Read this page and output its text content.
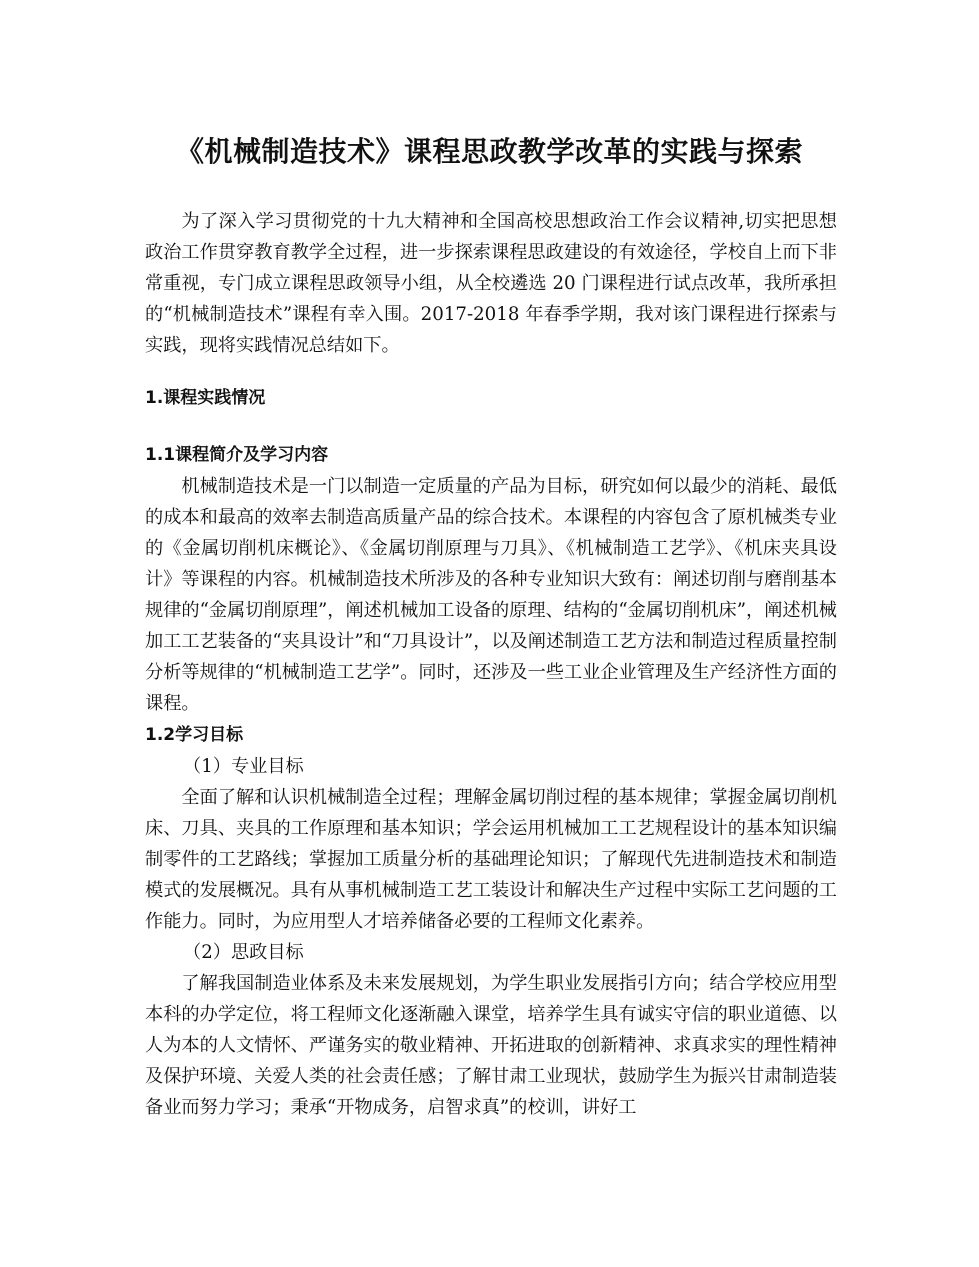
《机械制造技术》课程思政教学改革的实践与探索

为了深入学习贯彻党的十九大精神和全国高校思想政治工作会议精神,切实把思想政治工作贯穿教育教学全过程，进一步探索课程思政建设的有效途径，学校自上而下非常重视，专门成立课程思政领导小组，从全校遴选 20 门课程进行试点改革，我所承担的“机械制造技术”课程有幸入围。2017-2018 年春季学期，我对该门课程进行探索与实践，现将实践情况总结如下。

1.课程实践情况

1.1课程简介及学习内容

机械制造技术是一门以制造一定质量的产品为目标，研究如何以最少的消耗、最低的成本和最高的效率去制造高质量产品的综合技术。本课程的内容包含了原机械类专业的《金属切削机床概论》、《金属切削原理与刀具》、《机械制造工艺学》、《机床夹具设计》等课程的内容。机械制造技术所涉及的各种专业知识大致有：阐述切削与磨削基本规律的“金属切削原理”，阐述机械加工设备的原理、结构的“金属切削机床”，阐述机械加工工艺装备的“夹具设计”和“刀具设计”，以及阐述制造工艺方法和制造过程质量控制分析等规律的“机械制造工艺学”。同时，还涉及一些工业企业管理及生产经济性方面的课程。

1.2学习目标

（1）专业目标

全面了解和认识机械制造全过程；理解金属切削过程的基本规律；掌握金属切削机床、刀具、夹具的工作原理和基本知识；学会运用机械加工工艺规程设计的基本知识编制零件的工艺路线；掌握加工质量分析的基础理论知识；了解现代先进制造技术和制造模式的发展概况。具有从事机械制造工艺工装设计和解决生产过程中实际工艺问题的工作能力。同时，为应用型人才培养储备必要的工程师文化素养。

（2）思政目标

了解我国制造业体系及未来发展规划，为学生职业发展指引方向；结合学校应用型本科的办学定位，将工程师文化逐渐融入课堂，培养学生具有诚实守信的职业道德、以人为本的人文情怀、严谨务实的敬业精神、开拓进取的创新精神、求真求实的理性精神及保护环境、关爱人类的社会责任感；了解甘肃工业现状，鼓励学生为振兴甘肃制造装备业而努力学习；秉承“开物成务，启智求真”的校训，讲好工
